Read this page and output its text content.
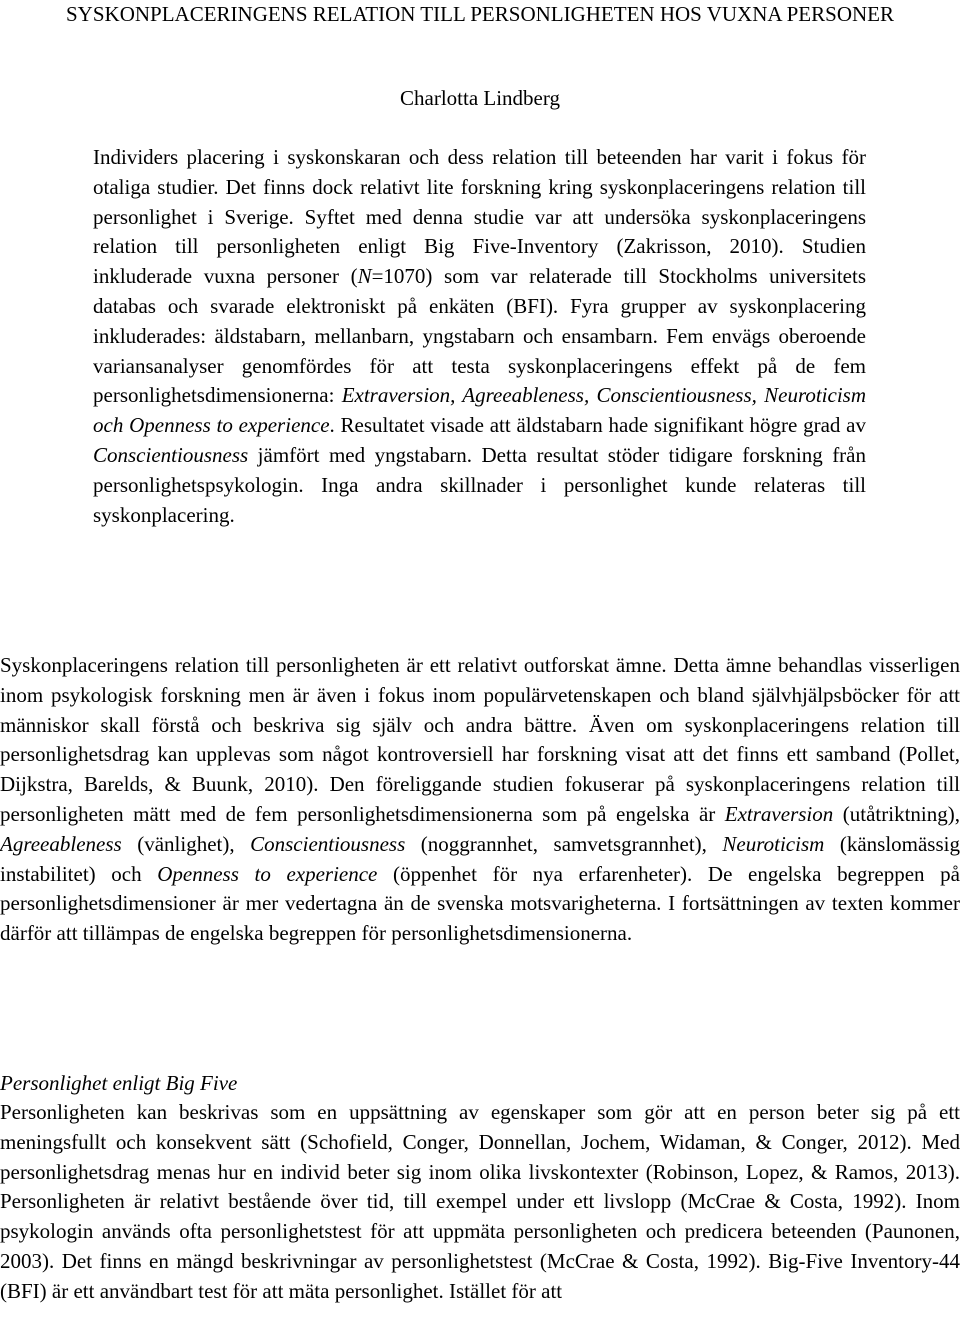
SYSKONPLACERINGENS RELATION TILL PERSONLIGHETEN HOS VUXNA PERSONER

Charlotta Lindberg

Individers placering i syskonskaran och dess relation till beteenden har varit i fokus för otaliga studier. Det finns dock relativt lite forskning kring syskonplaceringens relation till personlighet i Sverige. Syftet med denna studie var att undersöka syskonplaceringens relation till personligheten enligt Big Five-Inventory (Zakrisson, 2010). Studien inkluderade vuxna personer (N=1070) som var relaterade till Stockholms universitets databas och svarade elektroniskt på enkäten (BFI). Fyra grupper av syskonplacering inkluderades: äldstabarn, mellanbarn, yngstabarn och ensambarn. Fem envägs oberoende variansanalyser genomfördes för att testa syskonplaceringens effekt på de fem personlighetsdimensionerna: Extraversion, Agreeableness, Conscientiousness, Neuroticism och Openness to experience. Resultatet visade att äldstabarn hade signifikant högre grad av Conscientiousness jämfört med yngstabarn. Detta resultat stöder tidigare forskning från personlighetspsykologin. Inga andra skillnader i personlighet kunde relateras till syskonplacering.

Syskonplaceringens relation till personligheten är ett relativt outforskat ämne. Detta ämne behandlas visserligen inom psykologisk forskning men är även i fokus inom populärvetenskapen och bland självhjälpsböcker för att människor skall förstå och beskriva sig själv och andra bättre. Även om syskonplaceringens relation till personlighetsdrag kan upplevas som något kontroversiell har forskning visat att det finns ett samband (Pollet, Dijkstra, Barelds, & Buunk, 2010). Den föreliggande studien fokuserar på syskonplaceringens relation till personligheten mätt med de fem personlighetsdimensionerna som på engelska är Extraversion (utåtriktning), Agreeableness (vänlighet), Conscientiousness (noggrannhet, samvetsgrannhet), Neuroticism (känslomässig instabilitet) och Openness to experience (öppenhet för nya erfarenheter). De engelska begreppen på personlighetsdimensioner är mer vedertagna än de svenska motsvarigheterna. I fortsättningen av texten kommer därför att tillämpas de engelska begreppen för personlighetsdimensionerna.

Personlighet enligt Big Five

Personligheten kan beskrivas som en uppsättning av egenskaper som gör att en person beter sig på ett meningsfullt och konsekvent sätt (Schofield, Conger, Donnellan, Jochem, Widaman, & Conger, 2012). Med personlighetsdrag menas hur en individ beter sig inom olika livskontexter (Robinson, Lopez, & Ramos, 2013). Personligheten är relativt bestående över tid, till exempel under ett livslopp (McCrae & Costa, 1992). Inom psykologin används ofta personlighetstest för att uppmäta personligheten och predicera beteenden (Paunonen, 2003). Det finns en mängd beskrivningar av personlighetstest (McCrae & Costa, 1992). Big-Five Inventory-44 (BFI) är ett användbart test för att mäta personlighet. Istället för att
